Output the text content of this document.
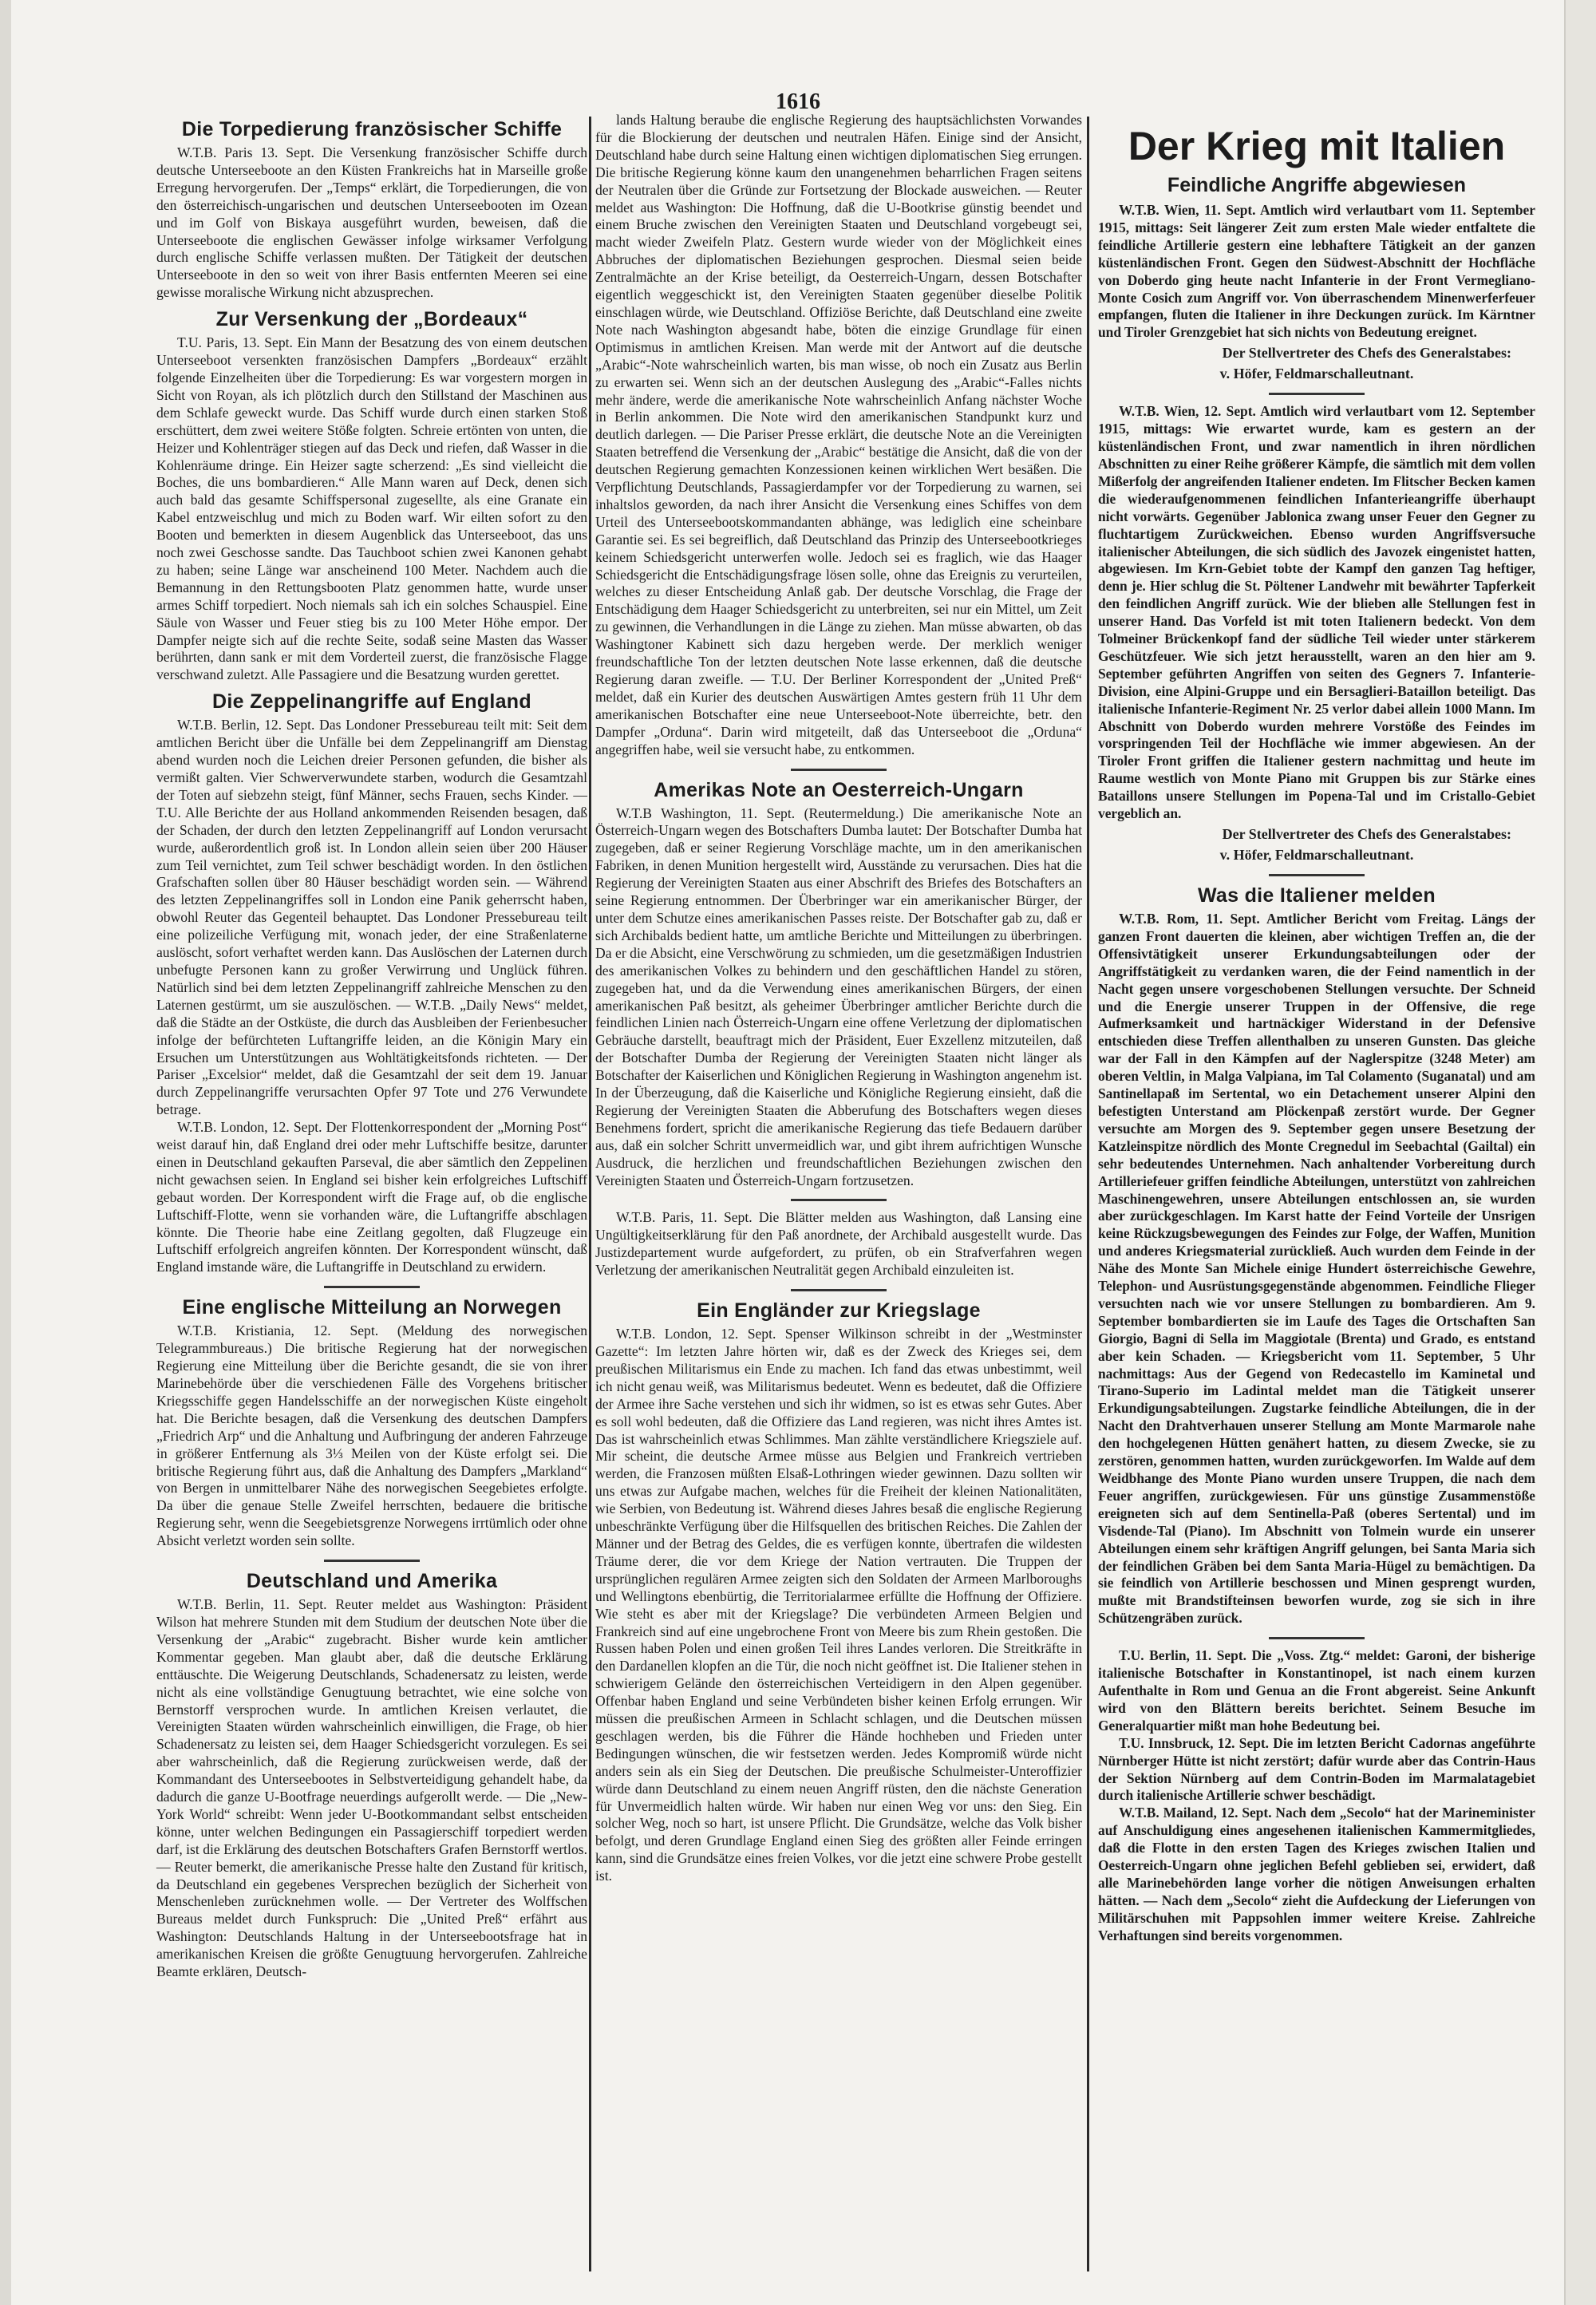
1616
Die Torpedierung französischer Schiffe

W.T.B. Paris 13. Sept. Die Versenkung französischer Schiffe durch deutsche Unterseeboote an den Küsten Frankreichs hat in Marseille große Erregung hervorgerufen. Der „Temps“ erklärt, die Torpedierungen, die von den österreichisch-ungarischen und deutschen Unterseebooten im Ozean und im Golf von Biskaya ausgeführt wurden, beweisen, daß die Unterseeboote die englischen Gewässer infolge wirksamer Verfolgung durch englische Schiffe verlassen mußten. Der Tätigkeit der deutschen Unterseeboote in den so weit von ihrer Basis entfernten Meeren sei eine gewisse moralische Wirkung nicht abzusprechen.

Zur Versenkung der „Bordeaux“

T.U. Paris, 13. Sept. Ein Mann der Besatzung des von einem deutschen Unterseeboot versenkten französischen Dampfers „Bordeaux“ erzählt folgende Einzelheiten über die Torpedierung: Es war vorgestern morgen in Sicht von Royan, als ich plötzlich durch den Stillstand der Maschinen aus dem Schlafe geweckt wurde. Das Schiff wurde durch einen starken Stoß erschüttert, dem zwei weitere Stöße folgten. Schreie ertönten von unten, die Heizer und Kohlenträger stiegen auf das Deck und riefen, daß Wasser in die Kohlenräume dringe. Ein Heizer sagte scherzend: „Es sind vielleicht die Boches, die uns bombardieren.“ Alle Mann waren auf Deck, denen sich auch bald das gesamte Schiffspersonal zugesellte, als eine Granate ein Kabel entzweischlug und mich zu Boden warf. Wir eilten sofort zu den Booten und bemerkten in diesem Augenblick das Unterseeboot, das uns noch zwei Geschosse sandte. Das Tauchboot schien zwei Kanonen gehabt zu haben; seine Länge war anscheinend 100 Meter. Nachdem auch die Bemannung in den Rettungsbooten Platz genommen hatte, wurde unser armes Schiff torpediert. Noch niemals sah ich ein solches Schauspiel. Eine Säule von Wasser und Feuer stieg bis zu 100 Meter Höhe empor. Der Dampfer neigte sich auf die rechte Seite, sodaß seine Masten das Wasser berührten, dann sank er mit dem Vorderteil zuerst, die französische Flagge verschwand zuletzt. Alle Passagiere und die Besatzung wurden gerettet.

Die Zeppelinangriffe auf England

W.T.B. Berlin, 12. Sept. Das Londoner Pressebureau teilt mit: Seit dem amtlichen Bericht über die Unfälle bei dem Zeppelinangriff am Dienstag abend wurden noch die Leichen dreier Personen gefunden, die bisher als vermißt galten. Vier Schwerverwundete starben, wodurch die Gesamtzahl der Toten auf siebzehn steigt, fünf Männer, sechs Frauen, sechs Kinder. — T.U. Alle Berichte der aus Holland ankommenden Reisenden besagen, daß der Schaden, der durch den letzten Zeppelinangriff auf London verursacht wurde, außerordentlich groß ist. In London allein seien über 200 Häuser zum Teil vernichtet, zum Teil schwer beschädigt worden. In den östlichen Grafschaften sollen über 80 Häuser beschädigt worden sein. — Während des letzten Zeppelinangriffes soll in London eine Panik geherrscht haben, obwohl Reuter das Gegenteil behauptet. Das Londoner Pressebureau teilt eine polizeiliche Verfügung mit, wonach jeder, der eine Straßenlaterne auslöscht, sofort verhaftet werden kann. Das Auslöschen der Laternen durch unbefugte Personen kann zu großer Verwirrung und Unglück führen. Natürlich sind bei dem letzten Zeppelinangriff zahlreiche Menschen zu den Laternen gestürmt, um sie auszulöschen. — W.T.B. „Daily News“ meldet, daß die Städte an der Ostküste, die durch das Ausbleiben der Ferienbesucher infolge der befürchteten Luftangriffe leiden, an die Königin Mary ein Ersuchen um Unterstützungen aus Wohltätigkeitsfonds richteten. — Der Pariser „Excelsior“ meldet, daß die Gesamtzahl der seit dem 19. Januar durch Zeppelinangriffe verursachten Opfer 97 Tote und 276 Verwundete betrage.

W.T.B. London, 12. Sept. Der Flottenkorrespondent der „Morning Post“ weist darauf hin, daß England drei oder mehr Luftschiffe besitze, darunter einen in Deutschland gekauften Parseval, die aber sämtlich den Zeppelinen nicht gewachsen seien. In England sei bisher kein erfolgreiches Luftschiff gebaut worden. Der Korrespondent wirft die Frage auf, ob die englische Luftschiff-Flotte, wenn sie vorhanden wäre, die Luftangriffe abschlagen könnte. Die Theorie habe eine Zeitlang gegolten, daß Flugzeuge ein Luftschiff erfolgreich angreifen könnten. Der Korrespondent wünscht, daß England imstande wäre, die Luftangriffe in Deutschland zu erwidern.

Eine englische Mitteilung an Norwegen

W.T.B. Kristiania, 12. Sept. (Meldung des norwegischen Telegrammbureaus.) Die britische Regierung hat der norwegischen Regierung eine Mitteilung über die Berichte gesandt, die sie von ihrer Marinebehörde über die verschiedenen Fälle des Vorgehens britischer Kriegsschiffe gegen Handelsschiffe an der norwegischen Küste eingeholt hat. Die Berichte besagen, daß die Versenkung des deutschen Dampfers „Friedrich Arp“ und die Anhaltung und Aufbringung der anderen Fahrzeuge in größerer Entfernung als 3⅓ Meilen von der Küste erfolgt sei. Die britische Regierung führt aus, daß die Anhaltung des Dampfers „Markland“ von Bergen in unmittelbarer Nähe des norwegischen Seegebietes erfolgte. Da über die genaue Stelle Zweifel herrschten, bedauere die britische Regierung sehr, wenn die Seegebietsgrenze Norwegens irrtümlich oder ohne Absicht verletzt worden sein sollte.

Deutschland und Amerika

W.T.B. Berlin, 11. Sept. Reuter meldet aus Washington: Präsident Wilson hat mehrere Stunden mit dem Studium der deutschen Note über die Versenkung der „Arabic“ zugebracht. Bisher wurde kein amtlicher Kommentar gegeben. Man glaubt aber, daß die deutsche Erklärung enttäuschte. Die Weigerung Deutschlands, Schadenersatz zu leisten, werde nicht als eine vollständige Genugtuung betrachtet, wie eine solche von Bernstorff versprochen wurde. In amtlichen Kreisen verlautet, die Vereinigten Staaten würden wahrscheinlich einwilligen, die Frage, ob hier Schadenersatz zu leisten sei, dem Haager Schiedsgericht vorzulegen. Es sei aber wahrscheinlich, daß die Regierung zurückweisen werde, daß der Kommandant des Unterseebootes in Selbstverteidigung gehandelt habe, da dadurch die ganze U-Bootfrage neuerdings aufgerollt werde. — Die „New-York World“ schreibt: Wenn jeder U-Bootkommandant selbst entscheiden könne, unter welchen Bedingungen ein Passagierschiff torpediert werden darf, ist die Erklärung des deutschen Botschafters Grafen Bernstorff wertlos. — Reuter bemerkt, die amerikanische Presse halte den Zustand für kritisch, da Deutschland ein gegebenes Versprechen bezüglich der Sicherheit von Menschenleben zurücknehmen wolle. — Der Vertreter des Wolffschen Bureaus meldet durch Funkspruch: Die „United Preß“ erfährt aus Washington: Deutschlands Haltung in der Unterseebootsfrage hat in amerikanischen Kreisen die größte Genugtuung hervorgerufen. Zahlreiche Beamte erklären, Deutsch-

lands Haltung beraube die englische Regierung des hauptsächlichsten Vorwandes für die Blockierung der deutschen und neutralen Häfen. Einige sind der Ansicht, Deutschland habe durch seine Haltung einen wichtigen diplomatischen Sieg errungen. Die britische Regierung könne kaum den unangenehmen beharrlichen Fragen seitens der Neutralen über die Gründe zur Fortsetzung der Blockade ausweichen. — Reuter meldet aus Washington: Die Hoffnung, daß die U-Bootkrise günstig beendet und einem Bruche zwischen den Vereinigten Staaten und Deutschland vorgebeugt sei, macht wieder Zweifeln Platz. Gestern wurde wieder von der Möglichkeit eines Abbruches der diplomatischen Beziehungen gesprochen. Diesmal seien beide Zentralmächte an der Krise beteiligt, da Oesterreich-Ungarn, dessen Botschafter eigentlich weggeschickt ist, den Vereinigten Staaten gegenüber dieselbe Politik einschlagen würde, wie Deutschland. Offiziöse Berichte, daß Deutschland eine zweite Note nach Washington abgesandt habe, böten die einzige Grundlage für einen Optimismus in amtlichen Kreisen. Man werde mit der Antwort auf die deutsche „Arabic“-Note wahrscheinlich warten, bis man wisse, ob noch ein Zusatz aus Berlin zu erwarten sei. Wenn sich an der deutschen Auslegung des „Arabic“-Falles nichts mehr ändere, werde die amerikanische Note wahrscheinlich Anfang nächster Woche in Berlin ankommen. Die Note wird den amerikanischen Standpunkt kurz und deutlich darlegen. — Die Pariser Presse erklärt, die deutsche Note an die Vereinigten Staaten betreffend die Versenkung der „Arabic“ bestätige die Ansicht, daß die von der deutschen Regierung gemachten Konzessionen keinen wirklichen Wert besäßen. Die Verpflichtung Deutschlands, Passagierdampfer vor der Torpedierung zu warnen, sei inhaltslos geworden, da nach ihrer Ansicht die Versenkung eines Schiffes von dem Urteil des Unterseebootskommandanten abhänge, was lediglich eine scheinbare Garantie sei. Es sei begreiflich, daß Deutschland das Prinzip des Unterseebootkrieges keinem Schiedsgericht unterwerfen wolle. Jedoch sei es fraglich, wie das Haager Schiedsgericht die Entschädigungsfrage lösen solle, ohne das Ereignis zu verurteilen, welches zu dieser Entscheidung Anlaß gab. Der deutsche Vorschlag, die Frage der Entschädigung dem Haager Schiedsgericht zu unterbreiten, sei nur ein Mittel, um Zeit zu gewinnen, die Verhandlungen in die Länge zu ziehen. Man müsse abwarten, ob das Washingtoner Kabinett sich dazu hergeben werde. Der merklich weniger freundschaftliche Ton der letzten deutschen Note lasse erkennen, daß die deutsche Regierung daran zweifle. — T.U. Der Berliner Korrespondent der „United Preß“ meldet, daß ein Kurier des deutschen Auswärtigen Amtes gestern früh 11 Uhr dem amerikanischen Botschafter eine neue Unterseeboot-Note überreichte, betr. den Dampfer „Orduna“. Darin wird mitgeteilt, daß das Unterseeboot die „Orduna“ angegriffen habe, weil sie versucht habe, zu entkommen.

Amerikas Note an Oesterreich-Ungarn

W.T.B Washington, 11. Sept. (Reutermeldung.) Die amerikanische Note an Österreich-Ungarn wegen des Botschafters Dumba lautet: Der Botschafter Dumba hat zugegeben, daß er seiner Regierung Vorschläge machte, um in den amerikanischen Fabriken, in denen Munition hergestellt wird, Ausstände zu verursachen. Dies hat die Regierung der Vereinigten Staaten aus einer Abschrift des Briefes des Botschafters an seine Regierung entnommen. Der Überbringer war ein amerikanischer Bürger, der unter dem Schutze eines amerikanischen Passes reiste. Der Botschafter gab zu, daß er sich Archibalds bedient hatte, um amtliche Berichte und Mitteilungen zu überbringen. Da er die Absicht, eine Verschwörung zu schmieden, um die gesetzmäßigen Industrien des amerikanischen Volkes zu behindern und den geschäftlichen Handel zu stören, zugegeben hat, und da die Verwendung eines amerikanischen Bürgers, der einen amerikanischen Paß besitzt, als geheimer Überbringer amtlicher Berichte durch die feindlichen Linien nach Österreich-Ungarn eine offene Verletzung der diplomatischen Gebräuche darstellt, beauftragt mich der Präsident, Euer Exzellenz mitzuteilen, daß der Botschafter Dumba der Regierung der Vereinigten Staaten nicht länger als Botschafter der Kaiserlichen und Königlichen Regierung in Washington angenehm ist. In der Überzeugung, daß die Kaiserliche und Königliche Regierung einsieht, daß die Regierung der Vereinigten Staaten die Abberufung des Botschafters wegen dieses Benehmens fordert, spricht die amerikanische Regierung das tiefe Bedauern darüber aus, daß ein solcher Schritt unvermeidlich war, und gibt ihrem aufrichtigen Wunsche Ausdruck, die herzlichen und freundschaftlichen Beziehungen zwischen den Vereinigten Staaten und Österreich-Ungarn fortzusetzen.

W.T.B. Paris, 11. Sept. Die Blätter melden aus Washington, daß Lansing eine Ungültigkeitserklärung für den Paß anordnete, der Archibald ausgestellt wurde. Das Justizdepartement wurde aufgefordert, zu prüfen, ob ein Strafverfahren wegen Verletzung der amerikanischen Neutralität gegen Archibald einzuleiten ist.

Ein Engländer zur Kriegslage

W.T.B. London, 12. Sept. Spenser Wilkinson schreibt in der „Westminster Gazette“: Im letzten Jahre hörten wir, daß es der Zweck des Krieges sei, dem preußischen Militarismus ein Ende zu machen. Ich fand das etwas unbestimmt, weil ich nicht genau weiß, was Militarismus bedeutet. Wenn es bedeutet, daß die Offiziere der Armee ihre Sache verstehen und sich ihr widmen, so ist es etwas sehr Gutes. Aber es soll wohl bedeuten, daß die Offiziere das Land regieren, was nicht ihres Amtes ist. Das ist wahrscheinlich etwas Schlimmes. Man zählte verständlichere Kriegsziele auf. Mir scheint, die deutsche Armee müsse aus Belgien und Frankreich vertrieben werden, die Franzosen müßten Elsaß-Lothringen wieder gewinnen. Dazu sollten wir uns etwas zur Aufgabe machen, welches für die Freiheit der kleinen Nationalitäten, wie Serbien, von Bedeutung ist. Während dieses Jahres besaß die englische Regierung unbeschränkte Verfügung über die Hilfsquellen des britischen Reiches. Die Zahlen der Männer und der Betrag des Geldes, die es verfügen konnte, übertrafen die wildesten Träume derer, die vor dem Kriege der Nation vertrauten. Die Truppen der ursprünglichen regulären Armee zeigten sich den Soldaten der Armeen Marlboroughs und Wellingtons ebenbürtig, die Territorialarmee erfüllte die Hoffnung der Offiziere. Wie steht es aber mit der Kriegslage? Die verbündeten Armeen Belgien und Frankreich sind auf eine ungebrochene Front von Meere bis zum Rhein gestoßen. Die Russen haben Polen und einen großen Teil ihres Landes verloren. Die Streitkräfte in den Dardanellen klopfen an die Tür, die noch nicht geöffnet ist. Die Italiener stehen in schwierigem Gelände den österreichischen Verteidigern in den Alpen gegenüber. Offenbar haben England und seine Verbündeten bisher keinen Erfolg errungen. Wir müssen die preußischen Armeen in Schlacht schlagen, und die Deutschen müssen geschlagen werden, bis die Führer die Hände hochheben und Frieden unter Bedingungen wünschen, die wir festsetzen werden. Jedes Kompromiß würde nicht anders sein als ein Sieg der Deutschen. Die preußische Schulmeister-Unteroffizier würde dann Deutschland zu einem neuen Angriff rüsten, den die nächste Generation für Unvermeidlich halten würde. Wir haben nur einen Weg vor uns: den Sieg. Ein solcher Weg, noch so hart, ist unsere Pflicht. Die Grundsätze, welche das Volk bisher befolgt, und deren Grundlage England einen Sieg des größten aller Feinde erringen kann, sind die Grundsätze eines freien Volkes, vor die jetzt eine schwere Probe gestellt ist.

Der Krieg mit Italien
Feindliche Angriffe abgewiesen

W.T.B. Wien, 11. Sept. Amtlich wird verlautbart vom 11. September 1915, mittags: Seit längerer Zeit zum ersten Male wieder entfaltete die feindliche Artillerie gestern eine lebhaftere Tätigkeit an der ganzen küstenländischen Front. Gegen den Südwest-Abschnitt der Hochfläche von Doberdo ging heute nacht Infanterie in der Front Vermegliano-Monte Cosich zum Angriff vor. Von überraschendem Minenwerferfeuer empfangen, fluten die Italiener in ihre Deckungen zurück. Im Kärntner und Tiroler Grenzgebiet hat sich nichts von Bedeutung ereignet.

Der Stellvertreter des Chefs des Generalstabes:
v. Höfer, Feldmarschalleutnant.

W.T.B. Wien, 12. Sept. Amtlich wird verlautbart vom 12. September 1915, mittags: Wie erwartet wurde, kam es gestern an der küstenländischen Front, und zwar namentlich in ihren nördlichen Abschnitten zu einer Reihe größerer Kämpfe, die sämtlich mit dem vollen Mißerfolg der angreifenden Italiener endeten. Im Flitscher Becken kamen die wiederaufgenommenen feindlichen Infanterieangriffe überhaupt nicht vorwärts. Gegenüber Jablonica zwang unser Feuer den Gegner zu fluchtartigem Zurückweichen. Ebenso wurden Angriffsversuche italienischer Abteilungen, die sich südlich des Javozek eingenistet hatten, abgewiesen. Im Krn-Gebiet tobte der Kampf den ganzen Tag heftiger, denn je. Hier schlug die St. Pöltener Landwehr mit bewährter Tapferkeit den feindlichen Angriff zurück. Wie der blieben alle Stellungen fest in unserer Hand. Das Vorfeld ist mit toten Italienern bedeckt. Von dem Tolmeiner Brückenkopf fand der südliche Teil wieder unter stärkerem Geschützfeuer. Wie sich jetzt herausstellt, waren an den hier am 9. September geführten Angriffen von seiten des Gegners 7. Infanterie-Division, eine Alpini-Gruppe und ein Bersaglieri-Bataillon beteiligt. Das italienische Infanterie-Regiment Nr. 25 verlor dabei allein 1000 Mann. Im Abschnitt von Doberdo wurden mehrere Vorstöße des Feindes im vorspringenden Teil der Hochfläche wie immer abgewiesen. An der Tiroler Front griffen die Italiener gestern nachmittag und heute im Raume westlich von Monte Piano mit Gruppen bis zur Stärke eines Bataillons unsere Stellungen im Popena-Tal und im Cristallo-Gebiet vergeblich an.

Der Stellvertreter des Chefs des Generalstabes:
v. Höfer, Feldmarschalleutnant.
Was die Italiener melden

W.T.B. Rom, 11. Sept. Amtlicher Bericht vom Freitag. Längs der ganzen Front dauerten die kleinen, aber wichtigen Treffen an, die der Offensivtätigkeit unserer Erkundungsabteilungen oder der Angriffstätigkeit zu verdanken waren, die der Feind namentlich in der Nacht gegen unsere vorgeschobenen Stellungen versuchte. Der Schneid und die Energie unserer Truppen in der Offensive, die rege Aufmerksamkeit und hartnäckiger Widerstand in der Defensive entschieden diese Treffen allenthalben zu unseren Gunsten. Das gleiche war der Fall in den Kämpfen auf der Naglerspitze (3248 Meter) am oberen Veltlin, in Malga Valpiana, im Tal Colamento (Suganatal) und am Santinellapaß im Sertental, wo ein Detachement unserer Alpini den befestigten Unterstand am Plöckenpaß zerstört wurde. Der Gegner versuchte am Morgen des 9. September gegen unsere Besetzung der Katzleinspitze nördlich des Monte Cregnedul im Seebachtal (Gailtal) ein sehr bedeutendes Unternehmen. Nach anhaltender Vorbereitung durch Artilleriefeuer griffen feindliche Abteilungen, unterstützt von zahlreichen Maschinengewehren, unsere Abteilungen entschlossen an, sie wurden aber zurückgeschlagen. Im Karst hatte der Feind Vorteile der Unsrigen keine Rückzugsbewegungen des Feindes zur Folge, der Waffen, Munition und anderes Kriegsmaterial zurückließ. Auch wurden dem Feinde in der Nähe des Monte San Michele einige Hundert österreichische Gewehre, Telephon- und Ausrüstungsgegenstände abgenommen. Feindliche Flieger versuchten nach wie vor unsere Stellungen zu bombardieren. Am 9. September bombardierten sie im Laufe des Tages die Ortschaften San Giorgio, Bagni di Sella im Maggiotale (Brenta) und Grado, es entstand aber kein Schaden. — Kriegsbericht vom 11. September, 5 Uhr nachmittags: Aus der Gegend von Redecastello im Kaminetal und Tirano-Superio im Ladintal meldet man die Tätigkeit unserer Erkundigungsabteilungen. Zugstarke feindliche Abteilungen, die in der Nacht den Drahtverhauen unserer Stellung am Monte Marmarole nahe den hochgelegenen Hütten genähert hatten, zu diesem Zwecke, sie zu zerstören, genommen hatten, wurden zurückgeworfen. Im Walde auf dem Weidbhange des Monte Piano wurden unsere Truppen, die nach dem Feuer angriffen, zurückgewiesen. Für uns günstige Zusammenstöße ereigneten sich auf dem Sentinella-Paß (oberes Sertental) und im Visdende-Tal (Piano). Im Abschnitt von Tolmein wurde ein unserer Abteilungen einem sehr kräftigen Angriff gelungen, bei Santa Maria sich der feindlichen Gräben bei dem Santa Maria-Hügel zu bemächtigen. Da sie feindlich von Artillerie beschossen und Minen gesprengt wurden, mußte mit Brandstifteinsen beworfen wurde, zog sie sich in ihre Schützengräben zurück.

T.U. Berlin, 11. Sept. Die „Voss. Ztg.“ meldet: Garoni, der bisherige italienische Botschafter in Konstantinopel, ist nach einem kurzen Aufenthalte in Rom und Genua an die Front abgereist. Seine Ankunft wird von den Blättern bereits berichtet. Seinem Besuche im Generalquartier mißt man hohe Bedeutung bei.

T.U. Innsbruck, 12. Sept. Die im letzten Bericht Cadornas angeführte Nürnberger Hütte ist nicht zerstört; dafür wurde aber das Contrin-Haus der Sektion Nürnberg auf dem Contrin-Boden im Marmalatagebiet durch italienische Artillerie schwer beschädigt.

W.T.B. Mailand, 12. Sept. Nach dem „Secolo“ hat der Marineminister auf Anschuldigung eines angesehenen italienischen Kammermitgliedes, daß die Flotte in den ersten Tagen des Krieges zwischen Italien und Oesterreich-Ungarn ohne jeglichen Befehl geblieben sei, erwidert, daß alle Marinebehörden lange vorher die nötigen Anweisungen erhalten hätten. — Nach dem „Secolo“ zieht die Aufdeckung der Lieferungen von Militärschuhen mit Pappsohlen immer weitere Kreise. Zahlreiche Verhaftungen sind bereits vorgenommen.
